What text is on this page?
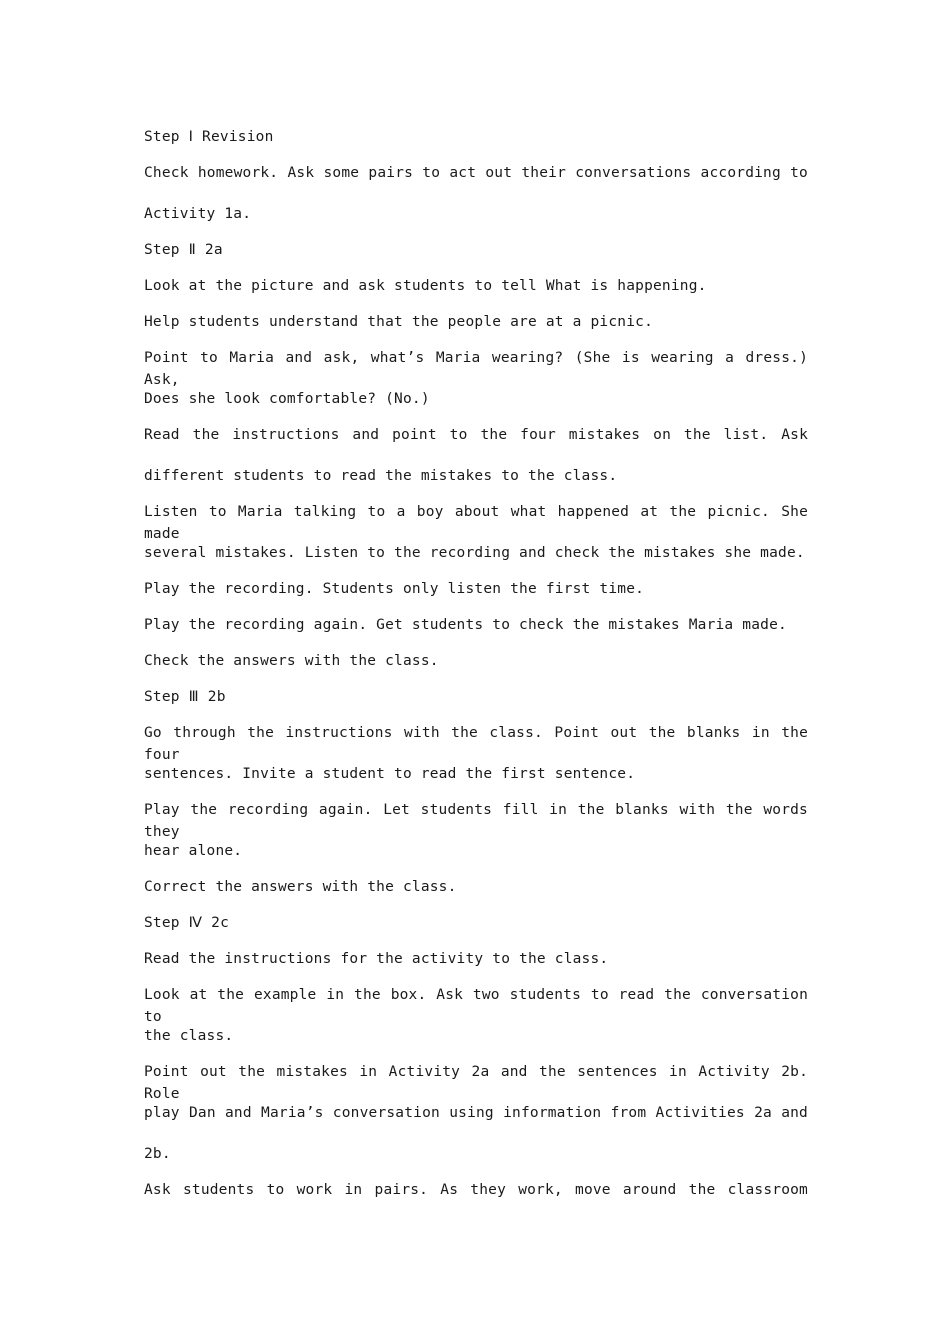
Step Ⅰ Revision
Check homework. Ask some pairs to act out their conversations according to
Activity 1a.
Step Ⅱ 2a
Look at the picture and ask students to tell What is happening.
Help students understand that the people are at a picnic.
Point to Maria and ask, what’s Maria wearing? (She is wearing a dress.) Ask,
Does she look comfortable? (No.)
Read the instructions and point to the four mistakes on the list. Ask
different students to read the mistakes to the class.
Listen to Maria talking to a boy about what happened at the picnic. She made
several mistakes. Listen to the recording and check the mistakes she made.
Play the recording. Students only listen the first time.
Play the recording again. Get students to check the mistakes Maria made.
Check the answers with the class.
Step Ⅲ 2b
Go through the instructions with the class. Point out the blanks in the four
sentences. Invite a student to read the first sentence.
Play the recording again. Let students fill in the blanks with the words they
hear alone.
Correct the answers with the class.
Step Ⅳ 2c
Read the instructions for the activity to the class.
Look at the example in the box. Ask two students to read the conversation to
the class.
Point out the mistakes in Activity 2a and the sentences in Activity 2b. Role
play Dan and Maria’s conversation using information from Activities 2a and
2b.
Ask students to work in pairs. As they work, move around the classroom
